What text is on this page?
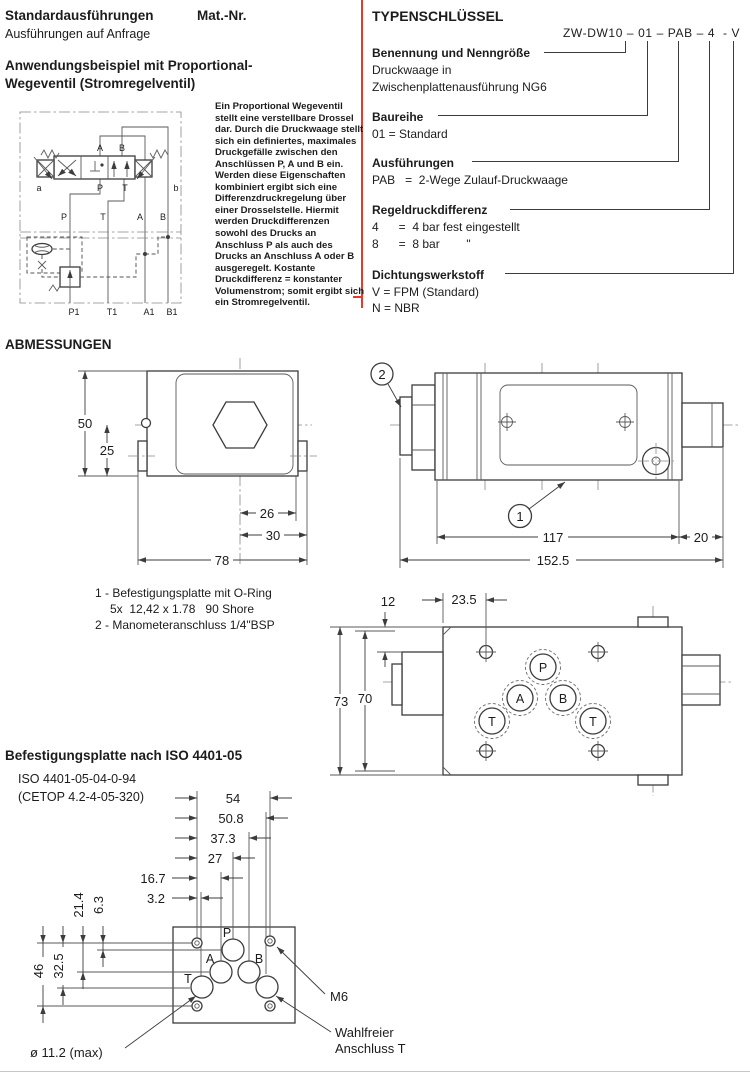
Standardausführungen	Mat.-Nr.
Ausführungen auf Anfrage
Anwendungsbeispiel mit Proportional-
Wegeventil (Stromregelventil)
Ein Proportional Wegeventil stellt eine verstellbare Drossel dar. Durch die Druckwaage stellt sich ein definiertes, maximales Druckgefälle zwischen den Anschlüssen P, A und B ein. Werden diese Eigenschaften kombiniert ergibt sich eine Differenzdruckregelung über einer Drosselstelle. Hiermit werden Druckdifferenzen sowohl des Drucks an Anschluss P als auch des Drucks an Anschluss A oder B ausgeregelt. Kostante Druckdifferenz = konstanter Volumenstrom; somit ergibt sich ein Stromregelventil.
A B
P T
a	b
P	T	A B
P1	T1	A1 B1
TYPENSCHLÜSSEL
ZW-DW10 – 01 – PAB – 4  - V
Benennung und Nenngröße
Druckwaage in
Zwischenplattenausführung NG6
Baureihe
01 = Standard
Ausführungen
PAB   =  2-Wege Zulauf-Druckwaage
Regeldruckdifferenz
4      =  4 bar fest eingestellt
8      =  8 bar        "
Dichtungswerkstoff
V = FPM (Standard)
N = NBR
ABMESSUNGEN
50
25
26
30
78
2
1
117	20
152.5
1 - Befestigungsplatte mit O-Ring
5x  12,42 x 1.78   90 Shore
2 - Manometeranschluss 1/4"BSP
P
A	B
T	T
12	23.5
73 70
Befestigungsplatte nach ISO 4401-05
ISO 4401-05-04-0-94
(CETOP 4.2-4-05-320)	54
50.8
37.3
27
16.7
3.2
46 32.5
21.4 6.3
P
A	B
T
M6
Wahlfreier
Anschluss T
ø 11.2 (max)
